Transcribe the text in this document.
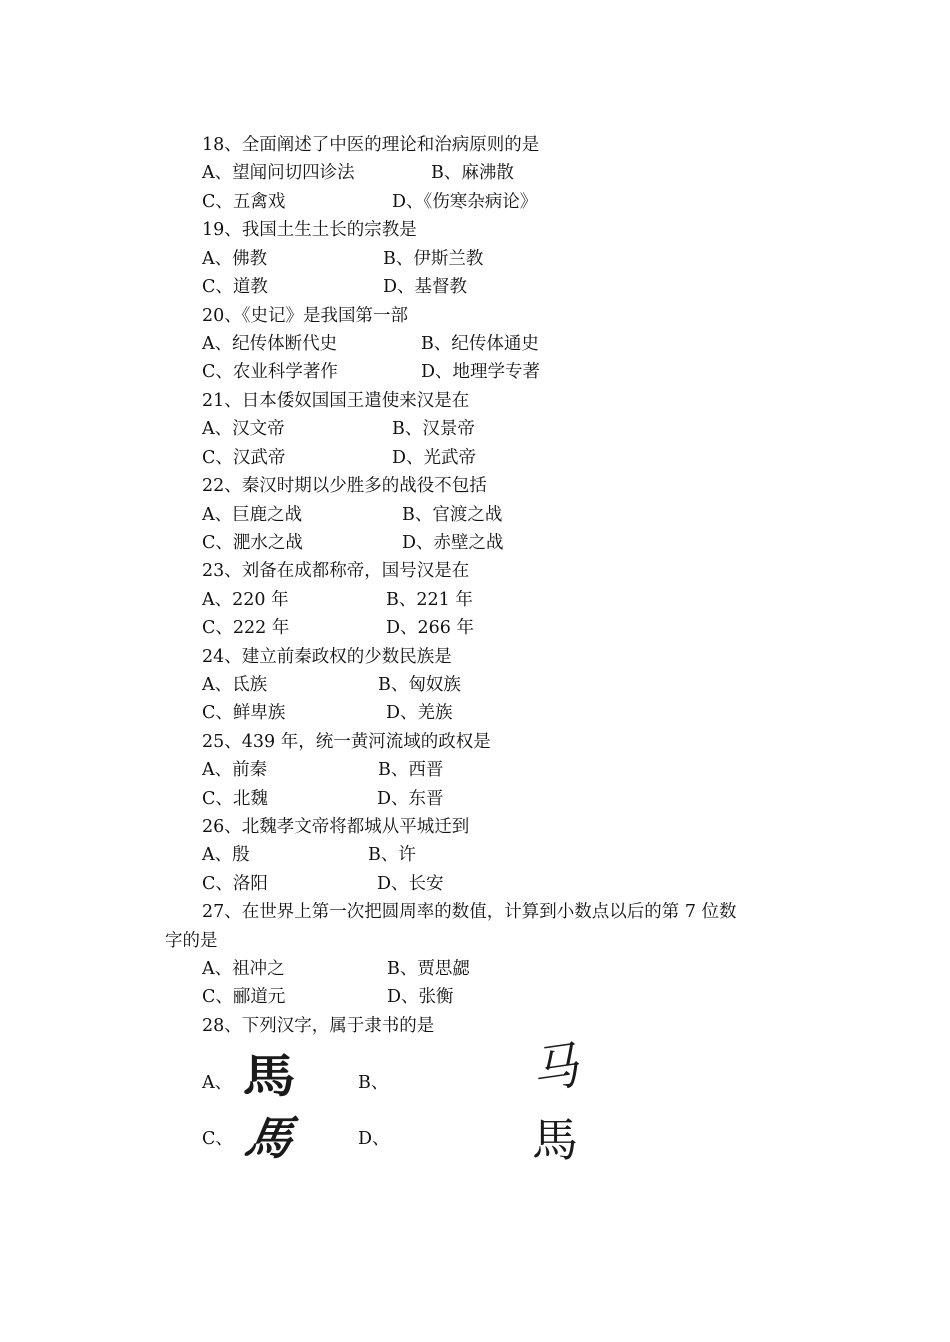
18、全面阐述了中医的理论和治病原则的是
A、望闻问切四诊法	B、麻沸散
C、五禽戏	D、《伤寒杂病论》
19、我国土生土长的宗教是
A、佛教	B、伊斯兰教
C、道教	D、基督教
20、《史记》是我国第一部
A、纪传体断代史	B、纪传体通史
C、农业科学著作	D、地理学专著
21、日本倭奴国国王遣使来汉是在
A、汉文帝	B、汉景帝
C、汉武帝	D、光武帝
22、秦汉时期以少胜多的战役不包括
A、巨鹿之战	B、官渡之战
C、淝水之战	D、赤壁之战
23、刘备在成都称帝，国号汉是在
A、220 年	B、221 年
C、222 年	D、266 年
24、建立前秦政权的少数民族是
A、氐族	B、匈奴族
C、鲜卑族	D、羌族
25、439 年，统一黄河流域的政权是
A、前秦	B、西晋
C、北魏	D、东晋
26、北魏孝文帝将都城从平城迁到
A、殷	B、许
C、洛阳	D、长安
27、在世界上第一次把圆周率的数值，计算到小数点以后的第 7 位数
字的是
A、祖冲之	B、贾思勰
C、郦道元	D、张衡
28、下列汉字，属于隶书的是
A、 馬	B、	马
C、 馬	D、	馬
